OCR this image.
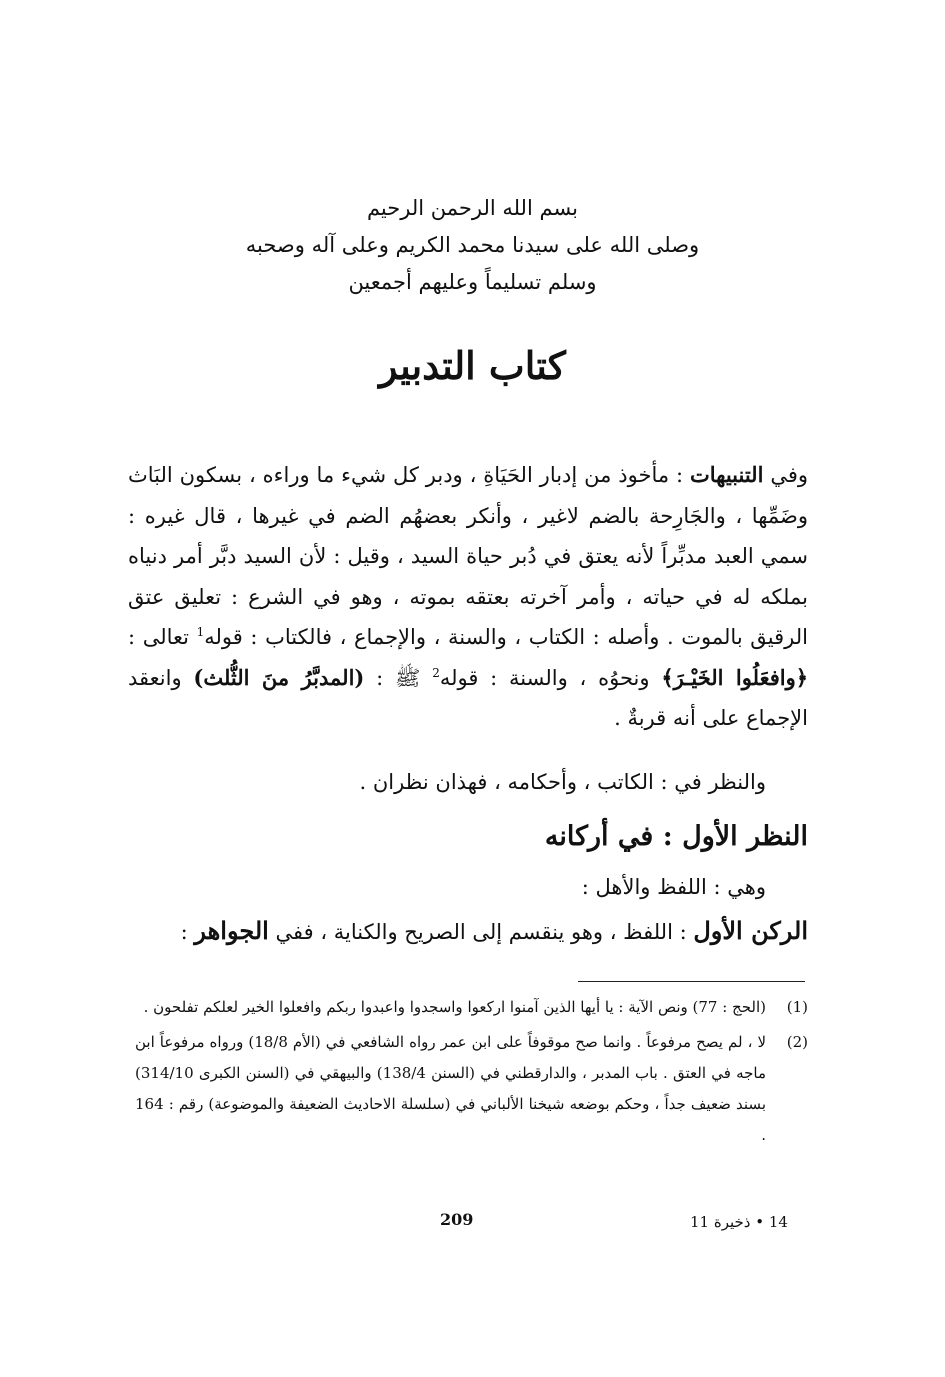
بسم الله الرحمن الرحيم
وصلى الله على سيدنا محمد الكريم وعلى آله وصحبه
وسلم تسليماً وعليهم أجمعين
كتاب التدبير

وفي التنبيهات : مأخوذ من إدبار الحَيَاةِ ، ودبر كل شيء ما وراءه ، بسكون البَاث وضَمِّها ، والجَارِحة بالضم لاغير ، وأنكر بعضهُم الضم في غيرها ، قال غيره : سمي العبد مدبِّراً لأنه يعتق في دُبر حياة السيد ، وقيل : لأن السيد دبَّر أمر دنياه بملكه له في حياته ، وأمر آخرته بعتقه بموته ، وهو في الشرع : تعليق عتق الرقيق بالموت . وأصله : الكتاب ، والسنة ، والإجماع ، فالكتاب : قوله$^1$ تعالى : ﴿وافعَلُوا الخَيْـرَ﴾ ونحوُه ، والسنة : قوله$^2$ ﷺ : (المدبَّرُ منَ الثُّلث) وانعقد الإجماع على أنه قربةٌ .

والنظر في : الكاتب ، وأحكامه ، فهذان نظران .
النظر الأول : في أركانه
وهي : اللفظ والأهل :
الركن الأول : اللفظ ، وهو ينقسم إلى الصريح والكناية ، ففي الجواهر :
(1)
(الحج : 77) ونص الآية : يا أيها الذين آمنوا اركعوا واسجدوا واعبدوا ربكم وافعلوا الخير لعلكم تفلحون .
(2)
لا ، لم يصح مرفوعاً . وانما صح موقوفاً على ابن عمر رواه الشافعي في (الأم 18/8) ورواه مرفوعاً ابن ماجه في العتق . باب المدبر ، والدارقطني في (السنن 138/4) والبيهقي في (السنن الكبرى 314/10) بسند ضعيف جداً ، وحكم بوضعه شيخنا الألباني في (سلسلة الاحاديث الضعيفة والموضوعة) رقم : 164 .
209	14 • ذخيرة 11
